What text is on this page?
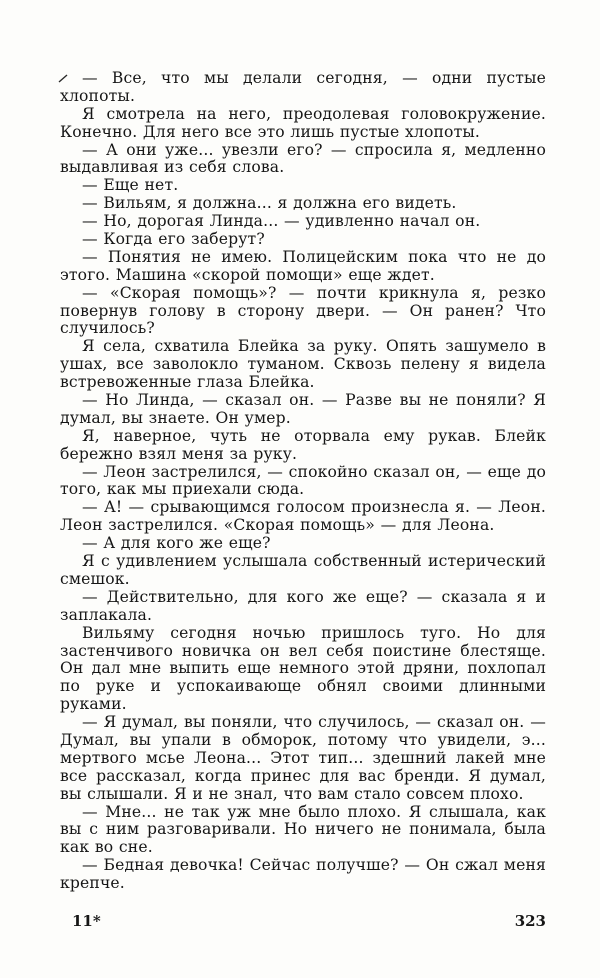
— Все, что мы делали сегодня, — одни пустые хлопоты.

Я смотрела на него, преодолевая головокружение. Конечно. Для него все это лишь пустые хлопоты.

— А они уже... увезли его? — спросила я, медленно выдавливая из себя слова.

— Еще нет.

— Вильям, я должна... я должна его видеть.

— Но, дорогая Линда... — удивленно начал он.

— Когда его заберут?

— Понятия не имею. Полицейским пока что не до этого. Машина «скорой помощи» еще ждет.

— «Скорая помощь»? — почти крикнула я, резко повернув голову в сторону двери. — Он ранен? Что случилось?

Я села, схватила Блейка за руку. Опять зашумело в ушах, все заволокло туманом. Сквозь пелену я видела встревоженные глаза Блейка.

— Но Линда, — сказал он. — Разве вы не поняли? Я думал, вы знаете. Он умер.

Я, наверное, чуть не оторвала ему рукав. Блейк бережно взял меня за руку.

— Леон застрелился, — спокойно сказал он, — еще до того, как мы приехали сюда.

— А! — срывающимся голосом произнесла я. — Леон. Леон застрелился. «Скорая помощь» — для Леона.

— А для кого же еще?

Я с удивлением услышала собственный истерический смешок.

— Действительно, для кого же еще? — сказала я и заплакала.

Вильяму сегодня ночью пришлось туго. Но для застенчивого новичка он вел себя поистине блестяще. Он дал мне выпить еще немного этой дряни, похлопал по руке и успокаивающе обнял своими длинными руками.

— Я думал, вы поняли, что случилось, — сказал он. — Думал, вы упали в обморок, потому что увидели, э... мертвого мсье Леона... Этот тип... здешний лакей мне все рассказал, когда принес для вас бренди. Я думал, вы слышали. Я и не знал, что вам стало совсем плохо.

— Мне... не так уж мне было плохо. Я слышала, как вы с ним разговаривали. Но ничего не понимала, была как во сне.

— Бедная девочка! Сейчас получше? — Он сжал меня крепче.

11*	323
